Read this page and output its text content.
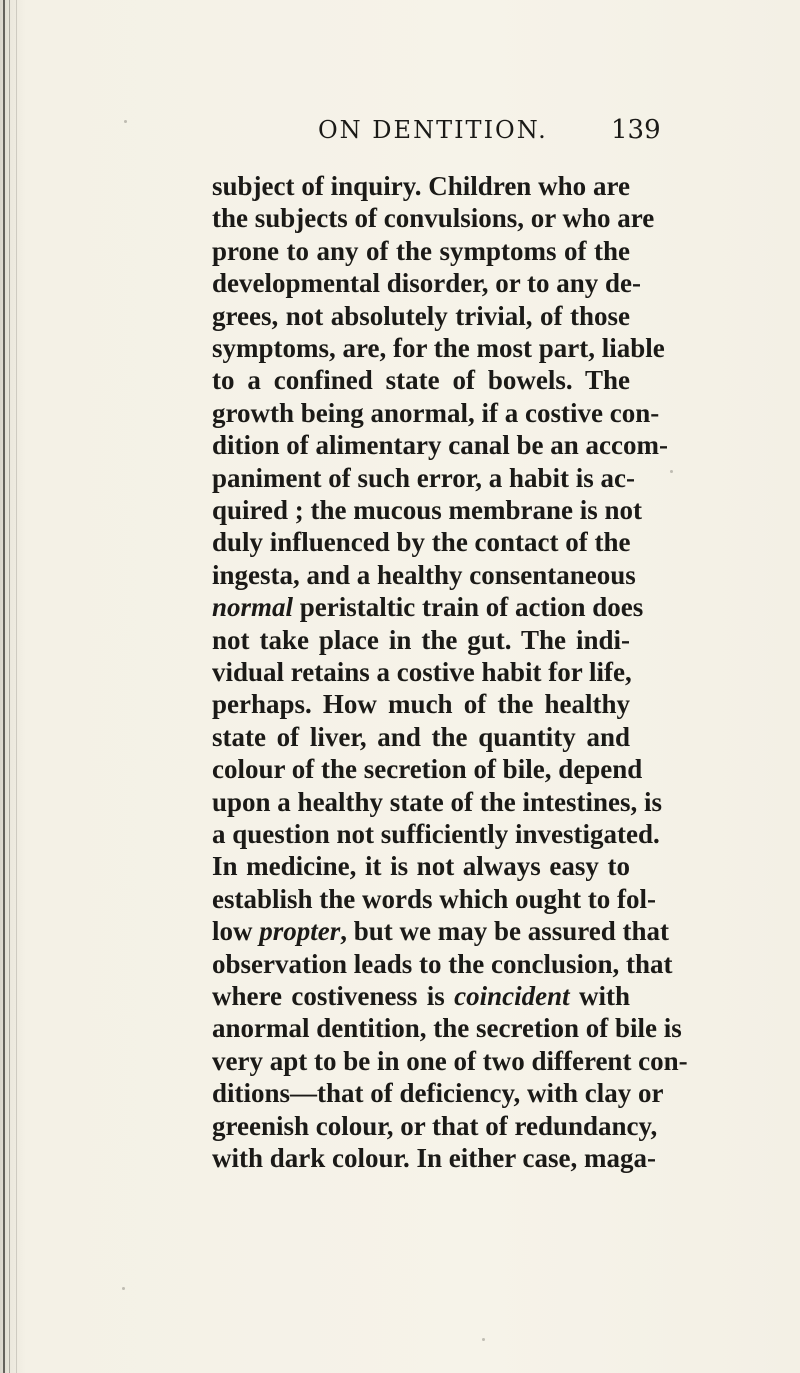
ON DENTITION. 139
subject of inquiry. Children who are
the subjects of convulsions, or who are
prone to any of the symptoms of the
developmental disorder, or to any de-
grees, not absolutely trivial, of those
symptoms, are, for the most part, liable
to a confined state of bowels. The
growth being anormal, if a costive con-
dition of alimentary canal be an accom-
paniment of such error, a habit is ac-
quired ; the mucous membrane is not
duly influenced by the contact of the
ingesta, and a healthy consentaneous
normal peristaltic train of action does
not take place in the gut. The indi-
vidual retains a costive habit for life,
perhaps. How much of the healthy
state of liver, and the quantity and
colour of the secretion of bile, depend
upon a healthy state of the intestines, is
a question not sufficiently investigated.
In medicine, it is not always easy to
establish the words which ought to fol-
low propter, but we may be assured that
observation leads to the conclusion, that
where costiveness is coincident with
anormal dentition, the secretion of bile is
very apt to be in one of two different con-
ditions—that of deficiency, with clay or
greenish colour, or that of redundancy,
with dark colour. In either case, maga-
